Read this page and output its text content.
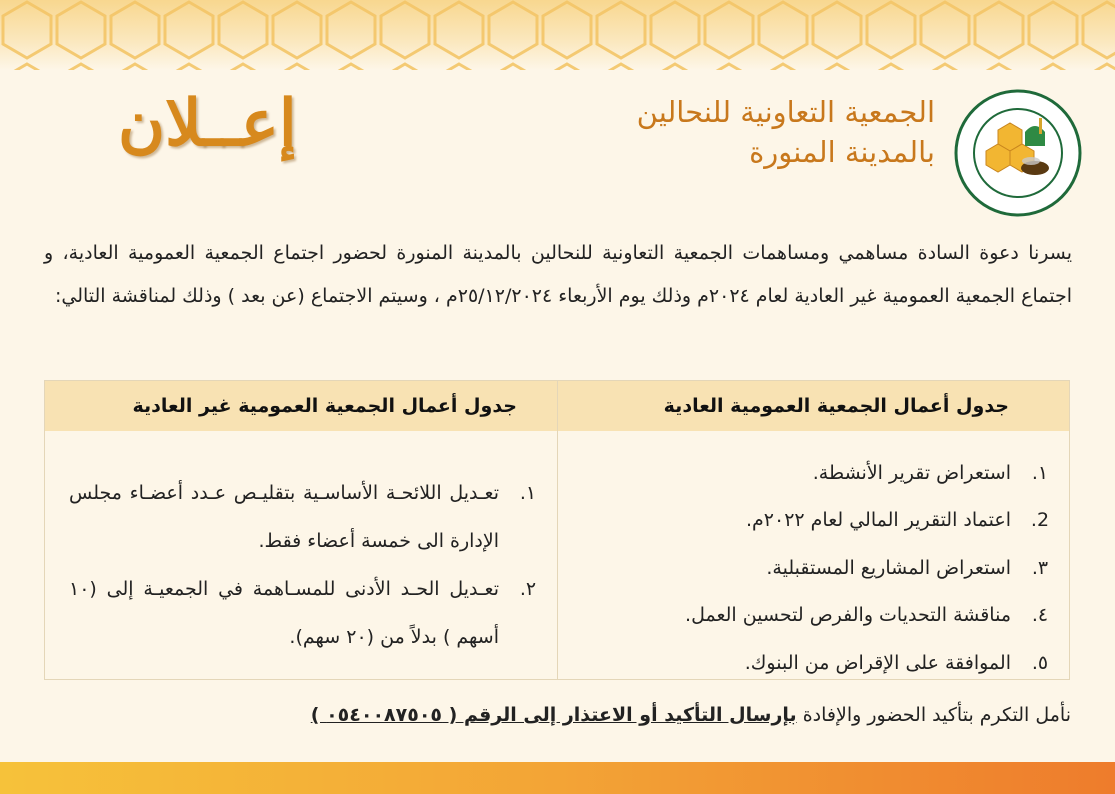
الجمعية التعاونية للنحالين
بالمدينة المنورة
إعــلان
يسرنا دعوة السادة مساهمي ومساهمات الجمعية التعاونية للنحالين بالمدينة المنورة لحضور اجتماع الجمعية العمومية العادية، و اجتماع الجمعية العمومية غير العادية لعام ٢٠٢٤م وذلك يوم الأربعاء ٢٥/١٢/٢٠٢٤م ، وسيتم الاجتماع (عن بعد ) وذلك لمناقشة التالي:
جدول أعمال الجمعية العمومية العادية
جدول أعمال الجمعية العمومية غير العادية
١.
استعراض تقرير الأنشطة.
2.
اعتماد التقرير المالي لعام ٢٠٢٢م.
٣.
استعراض المشاريع المستقبلية.
٤.
مناقشة التحديات والفرص لتحسين العمل.
٥.
الموافقة على الإقراض من البنوك.
١.
تعـديل اللائحـة الأساسـية بتقليـص عـدد أعضـاء مجلس الإدارة الى خمسة أعضاء فقط.
٢.
تعـديل الحـد الأدنى للمسـاهمة في الجمعيـة إلى (١٠ أسهم ) بدلاً من (٢٠ سهم).
نأمل التكرم بتأكيد الحضور والإفادة بإرسال التأكيد أو الاعتذار إلى الرقم ( ٠٥٤٠٠٨٧٥٠٥ )
